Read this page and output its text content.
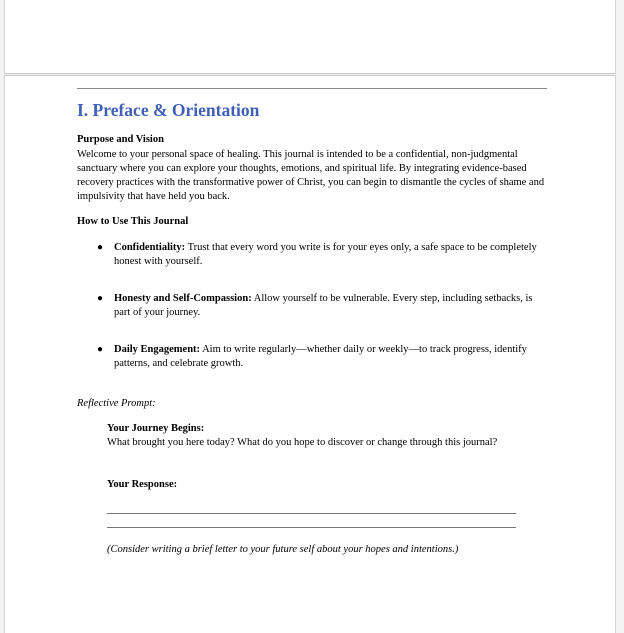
I. Preface & Orientation

Purpose and Vision

Welcome to your personal space of healing. This journal is intended to be a confidential, non-judgmental sanctuary where you can explore your thoughts, emotions, and spiritual life. By integrating evidence-based recovery practices with the transformative power of Christ, you can begin to dismantle the cycles of shame and impulsivity that have held you back.

How to Use This Journal

● Confidentiality: Trust that every word you write is for your eyes only, a safe space to be completely honest with yourself.
● Honesty and Self-Compassion: Allow yourself to be vulnerable. Every step, including setbacks, is part of your journey.
● Daily Engagement: Aim to write regularly—whether daily or weekly—to track progress, identify patterns, and celebrate growth.
Reflective Prompt:
Your Journey Begins:
What brought you here today? What do you hope to discover or change through this journal?
Your Response:
(Consider writing a brief letter to your future self about your hopes and intentions.)
